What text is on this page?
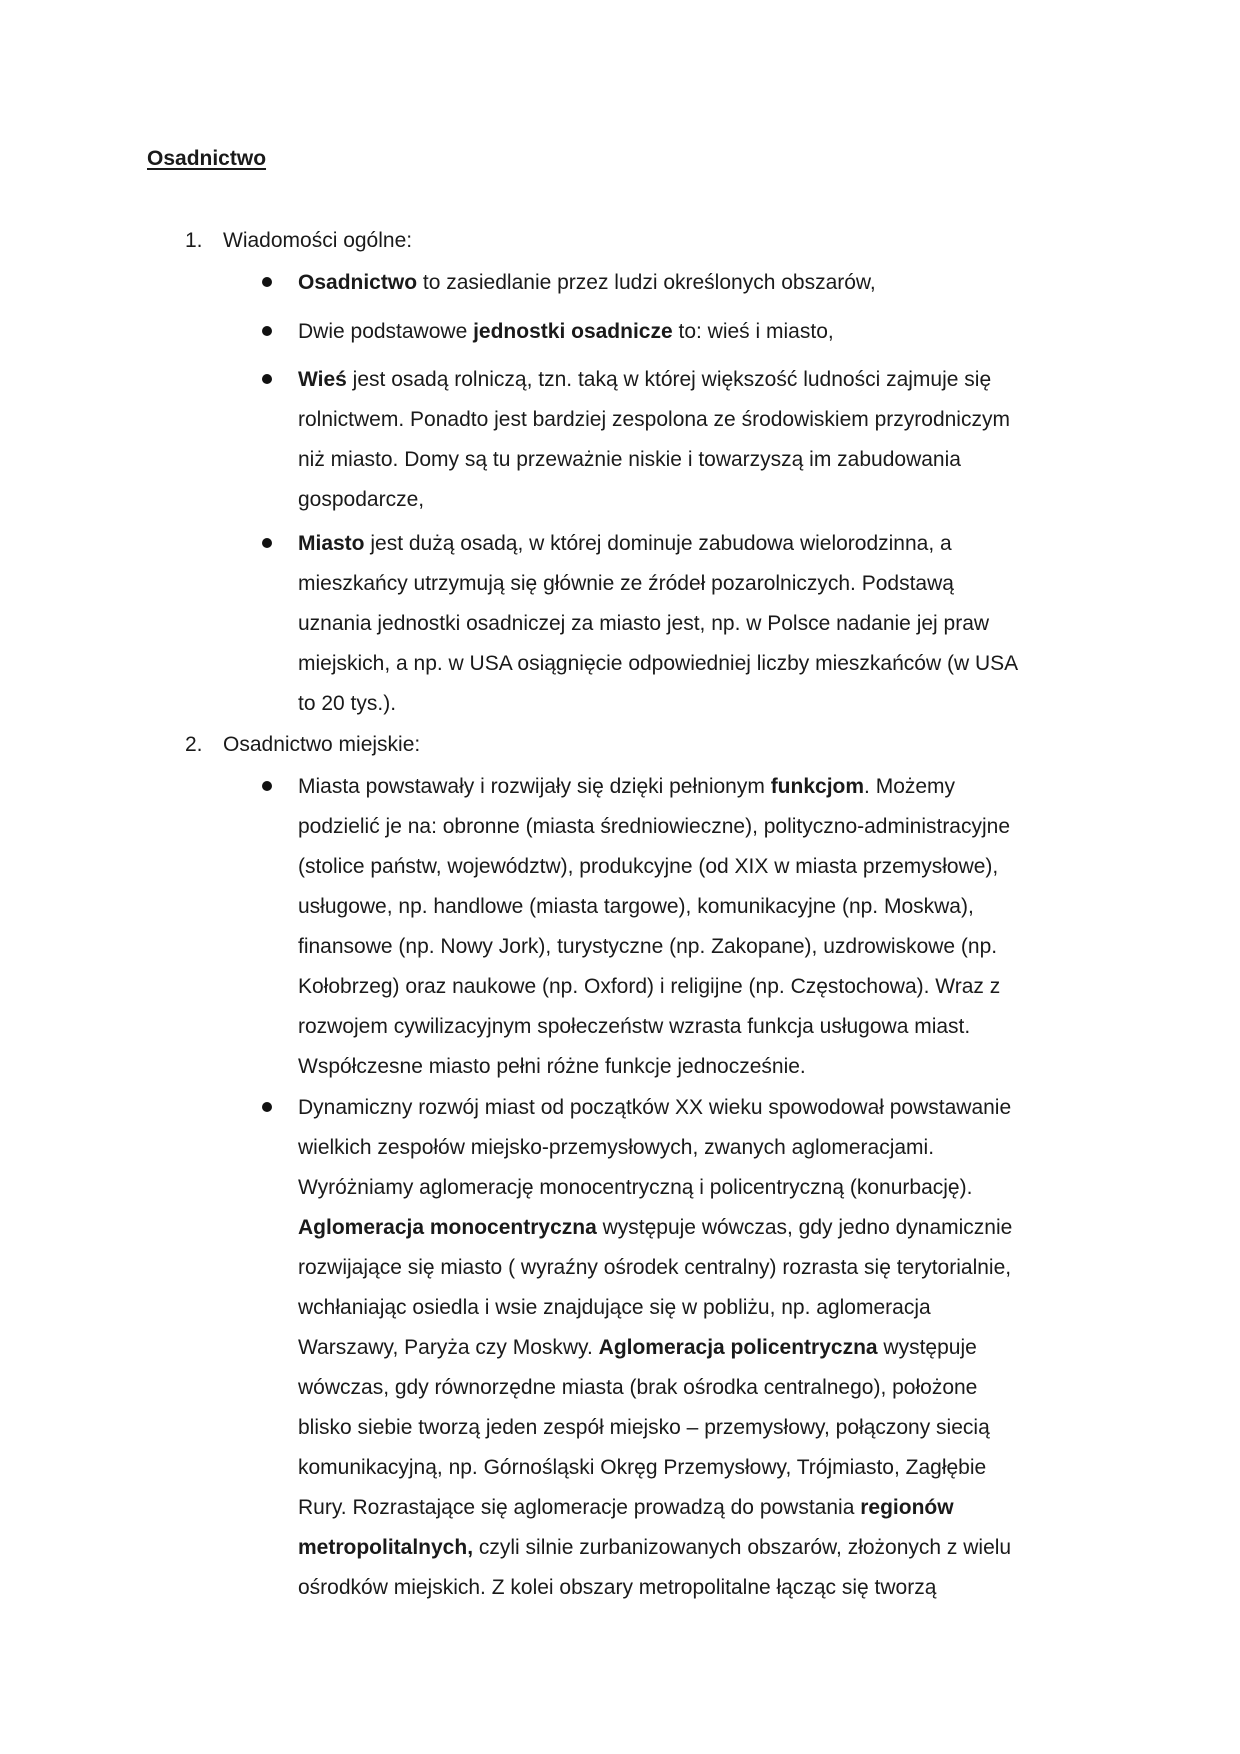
Osadnictwo

1. Wiadomości ogólne:

Osadnictwo to zasiedlanie przez ludzi określonych obszarów,
Dwie podstawowe jednostki osadnicze to: wieś i miasto,
Wieś jest osadą rolniczą, tzn. taką w której większość ludności zajmuje się
rolnictwem. Ponadto jest bardziej zespolona ze środowiskiem przyrodniczym
niż miasto. Domy są tu przeważnie niskie i towarzyszą im zabudowania
gospodarcze,
Miasto jest dużą osadą, w której dominuje zabudowa wielorodzinna, a
mieszkańcy utrzymują się głównie ze źródeł pozarolniczych. Podstawą
uznania jednostki osadniczej za miasto jest, np. w Polsce nadanie jej praw
miejskich, a np. w USA osiągnięcie odpowiedniej liczby mieszkańców (w USA
to 20 tys.).

2. Osadnictwo miejskie:

Miasta powstawały i rozwijały się dzięki pełnionym funkcjom. Możemy
podzielić je na: obronne (miasta średniowieczne), polityczno-administracyjne
(stolice państw, województw), produkcyjne (od XIX w miasta przemysłowe),
usługowe, np. handlowe (miasta targowe), komunikacyjne (np. Moskwa),
finansowe (np. Nowy Jork), turystyczne (np. Zakopane), uzdrowiskowe (np.
Kołobrzeg) oraz naukowe (np. Oxford) i religijne (np. Częstochowa). Wraz z
rozwojem cywilizacyjnym społeczeństw wzrasta funkcja usługowa miast.
Współczesne miasto pełni różne funkcje jednocześnie.
Dynamiczny rozwój miast od początków XX wieku spowodował powstawanie
wielkich zespołów miejsko-przemysłowych, zwanych aglomeracjami.
Wyróżniamy aglomerację monocentryczną i policentryczną (konurbację).
Aglomeracja monocentryczna występuje wówczas, gdy jedno dynamicznie
rozwijające się miasto ( wyraźny ośrodek centralny) rozrasta się terytorialnie,
wchłaniając osiedla i wsie znajdujące się w pobliżu, np. aglomeracja
Warszawy, Paryża czy Moskwy. Aglomeracja policentryczna występuje
wówczas, gdy równorzędne miasta (brak ośrodka centralnego), położone
blisko siebie tworzą jeden zespół miejsko – przemysłowy, połączony siecią
komunikacyjną, np. Górnośląski Okręg Przemysłowy, Trójmiasto, Zagłębie
Rury. Rozrastające się aglomeracje prowadzą do powstania regionów
metropolitalnych, czyli silnie zurbanizowanych obszarów, złożonych z wielu
ośrodków miejskich. Z kolei obszary metropolitalne łącząc się tworzą
